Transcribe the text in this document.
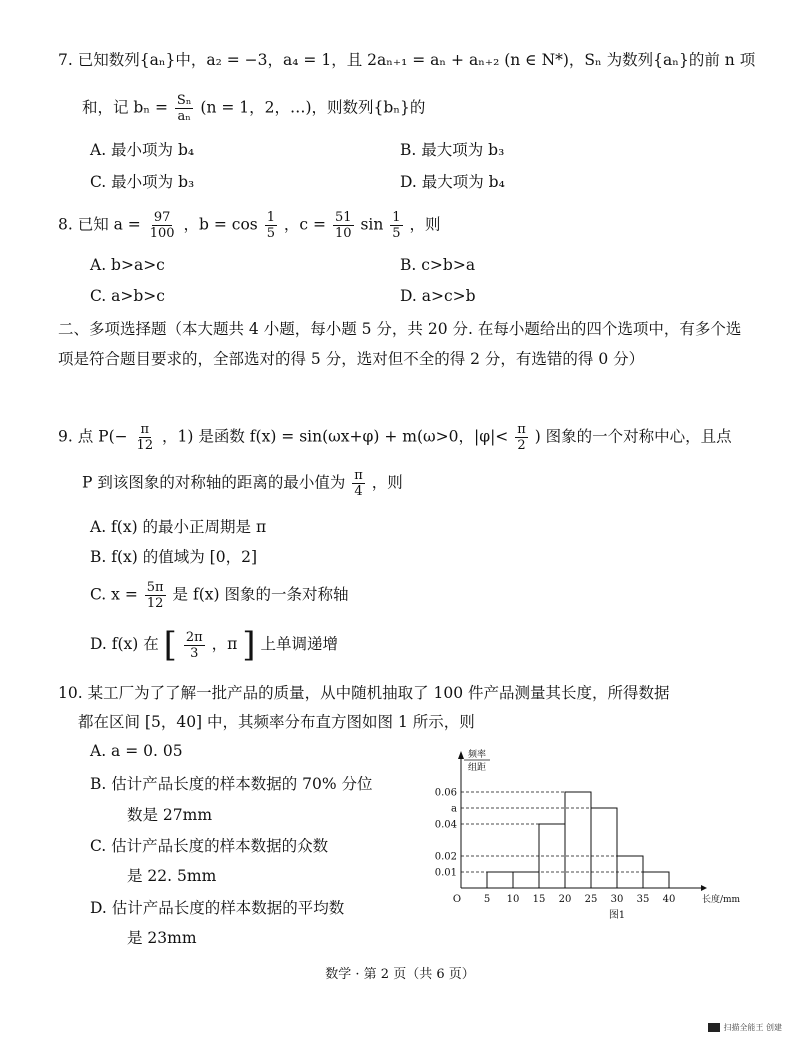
7. 已知数列{aₙ}中，a₂ = −3，a₄ = 1，且 2aₙ₊₁ = aₙ + aₙ₊₂ (n ∈ N*)，Sₙ 为数列{aₙ}的前 n 项
和，记 $b_n = \frac{\text{Sₙ}}{\text{aₙ}} (n = 1$，2，…)，则数列{bₙ}的
A. 最小项为 b₄	B. 最大项为 b₃
C. 最小项为 b₃	D. 最大项为 b₄
8. 已知 $a = \frac{97}{100}$ ，$b = \cos \frac{1}{5}$ ，$c = \frac{51}{10}$ $\sin \frac{1}{5}$ ，则
A. b>a>c	B. c>b>a
C. a>b>c	D. a>c>b
二、多项选择题（本大题共 4 小题，每小题 5 分，共 20 分. 在每小题给出的四个选项中，有多个选项是符合题目要求的，全部选对的得 5 分，选对但不全的得 2 分，有选错的得 0 分）
9. 点 $P(- \frac{\pi}{12}$ ，1) 是函数 f(x) = sin(ωx+φ) + m(ω>0，$|\varphi|< \frac{\pi}{2}$ ) 图象的一个对称中心，且点
P 到该图象的对称轴的距离的最小值为 $\frac{\pi}{4}$ ，则
A. f(x) 的最小正周期是 π
B. f(x) 的值域为 [0，2]
C. $x = \frac{5\pi}{12}$ 是 f(x) 图象的一条对称轴
D. f(x) 在 [ $\frac{2\pi}{3}$ ，π ] 上单调递增
10. 某工厂为了了解一批产品的质量，从中随机抽取了 100 件产品测量其长度，所得数据
都在区间 [5，40] 中，其频率分布直方图如图 1 所示，则
A. a = 0. 05
B. 估计产品长度的样本数据的 70% 分位
数是 27mm
C. 估计产品长度的样本数据的众数
是 22. 5mm
D. 估计产品长度的样本数据的平均数
是 23mm
0.06
a
0.04
0.02
0.01
5 10 15 20 25 30 35 40
O	长度/mm
频率
组距
图1
数学 · 第 2 页（共 6 页）
扫描全能王 创建
